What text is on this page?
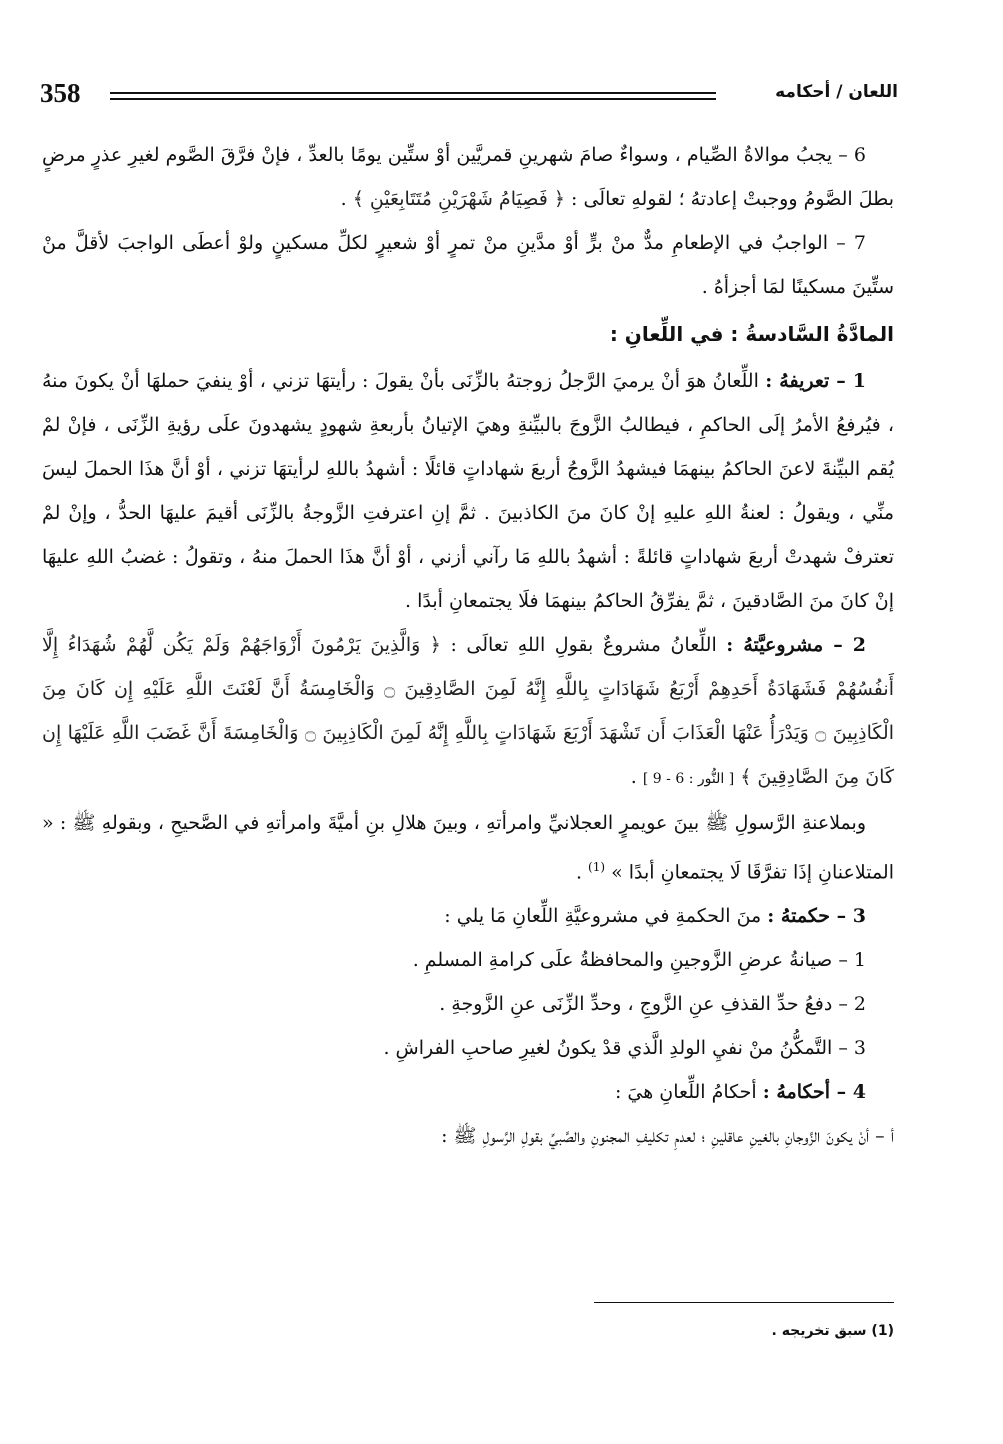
358	اللعان / أحكامه

6 – يجبُ موالاةُ الصِّيام ، وسواءٌ صامَ شهرينِ قمريَّين أوْ ستِّين يومًا بالعدِّ ، فإنْ فرَّقَ الصَّوم لغيرِ عذرٍ مرضٍ بطلَ الصَّومُ ووجبتْ إعادتهُ ؛ لقولهِ تعالَى : ﴿ فَصِيَامُ شَهْرَيْنِ مُتَتَابِعَيْنِ ﴾ .

7 – الواجبُ في الإطعامِ مدٌّ منْ برٍّ أوْ مدَّينِ منْ تمرٍ أوْ شعيرٍ لكلِّ مسكينٍ ولوْ أعطَى الواجبَ لأقلَّ منْ ستِّينَ مسكينًا لمَا أجزأهُ .

المادَّةُ السَّادسةُ : في اللِّعانِ :

1 – تعريفهُ : اللِّعانُ هوَ أنْ يرميَ الرَّجلُ زوجتهُ بالزِّنَى بأنْ يقولَ : رأيتهَا تزني ، أوْ ينفيَ حملهَا أنْ يكونَ منهُ ، فيُرفعُ الأمرُ إلَى الحاكمِ ، فيطالبُ الزَّوجَ بالبيِّنةِ وهيَ الإتيانُ بأربعةِ شهودٍ يشهدونَ علَى رؤيةِ الزِّنَى ، فإنْ لمْ يُقم البيِّنةَ لاعنَ الحاكمُ بينهمَا فيشهدُ الزَّوجُ أربعَ شهاداتٍ قائلًا : أشهدُ باللهِ لرأيتهَا تزني ، أوْ أنَّ هذَا الحملَ ليسَ منِّي ، ويقولُ : لعنةُ اللهِ عليهِ إنْ كانَ منَ الكاذبينَ . ثمَّ إنِ اعترفتِ الزَّوجةُ بالزِّنَى أقيمَ عليهَا الحدُّ ، وإنْ لمْ تعترفْ شهدتْ أربعَ شهاداتٍ قائلةً : أشهدُ باللهِ مَا رآني أزني ، أوْ أنَّ هذَا الحملَ منهُ ، وتقولُ : غضبُ اللهِ عليهَا إنْ كانَ منَ الصَّادقينَ ، ثمَّ يفرِّقُ الحاكمُ بينهمَا فلَا يجتمعانِ أبدًا .

2 – مشروعيَّتهُ : اللِّعانُ مشروعٌ بقولِ اللهِ تعالَى : ﴿ وَالَّذِينَ يَرْمُونَ أَزْوَاجَهُمْ وَلَمْ يَكُن لَّهُمْ شُهَدَاءُ إِلَّا أَنفُسُهُمْ فَشَهَادَةُ أَحَدِهِمْ أَرْبَعُ شَهَادَاتٍ بِاللَّهِ إِنَّهُ لَمِنَ الصَّادِقِينَ ۝ وَالْخَامِسَةُ أَنَّ لَعْنَتَ اللَّهِ عَلَيْهِ إِن كَانَ مِنَ الْكَاذِبِينَ ۝ وَيَدْرَأُ عَنْهَا الْعَذَابَ أَن تَشْهَدَ أَرْبَعَ شَهَادَاتٍ بِاللَّهِ إِنَّهُ لَمِنَ الْكَاذِبِينَ ۝ وَالْخَامِسَةَ أَنَّ غَضَبَ اللَّهِ عَلَيْهَا إِن كَانَ مِنَ الصَّادِقِينَ ﴾ [ النُّور : 6 - 9 ] .

وبملاعنةِ الرَّسولِ ﷺ بينَ عويمرٍ العجلانيِّ وامرأتهِ ، وبينَ هلالِ بنِ أميَّةَ وامرأتهِ في الصَّحيحِ ، وبقولهِ ﷺ : « المتلاعنانِ إذَا تفرَّقَا لَا يجتمعانِ أبدًا » $^{(1)}$ .

3 – حكمتهُ : منَ الحكمةِ في مشروعيَّةِ اللِّعانِ مَا يلي :

1 – صيانةُ عرضِ الزَّوجينِ والمحافظةُ علَى كرامةِ المسلمِ .

2 – دفعُ حدِّ القذفِ عنِ الزَّوجِ ، وحدِّ الزِّنَى عنِ الزَّوجةِ .

3 – التَّمكُّنُ منْ نفيِ الولدِ الَّذي قدْ يكونُ لغيرِ صاحبِ الفراشِ .

4 – أحكامهُ : أحكامُ اللِّعانِ هيَ :

أ – أنْ يكونَ الزَّوجانِ بالغينِ عاقلينِ ؛ لعدمِ تكليفِ المجنونِ والصَّبيِّ بقولِ الرَّسولِ ﷺ :

(1) سبق تخريجه .
